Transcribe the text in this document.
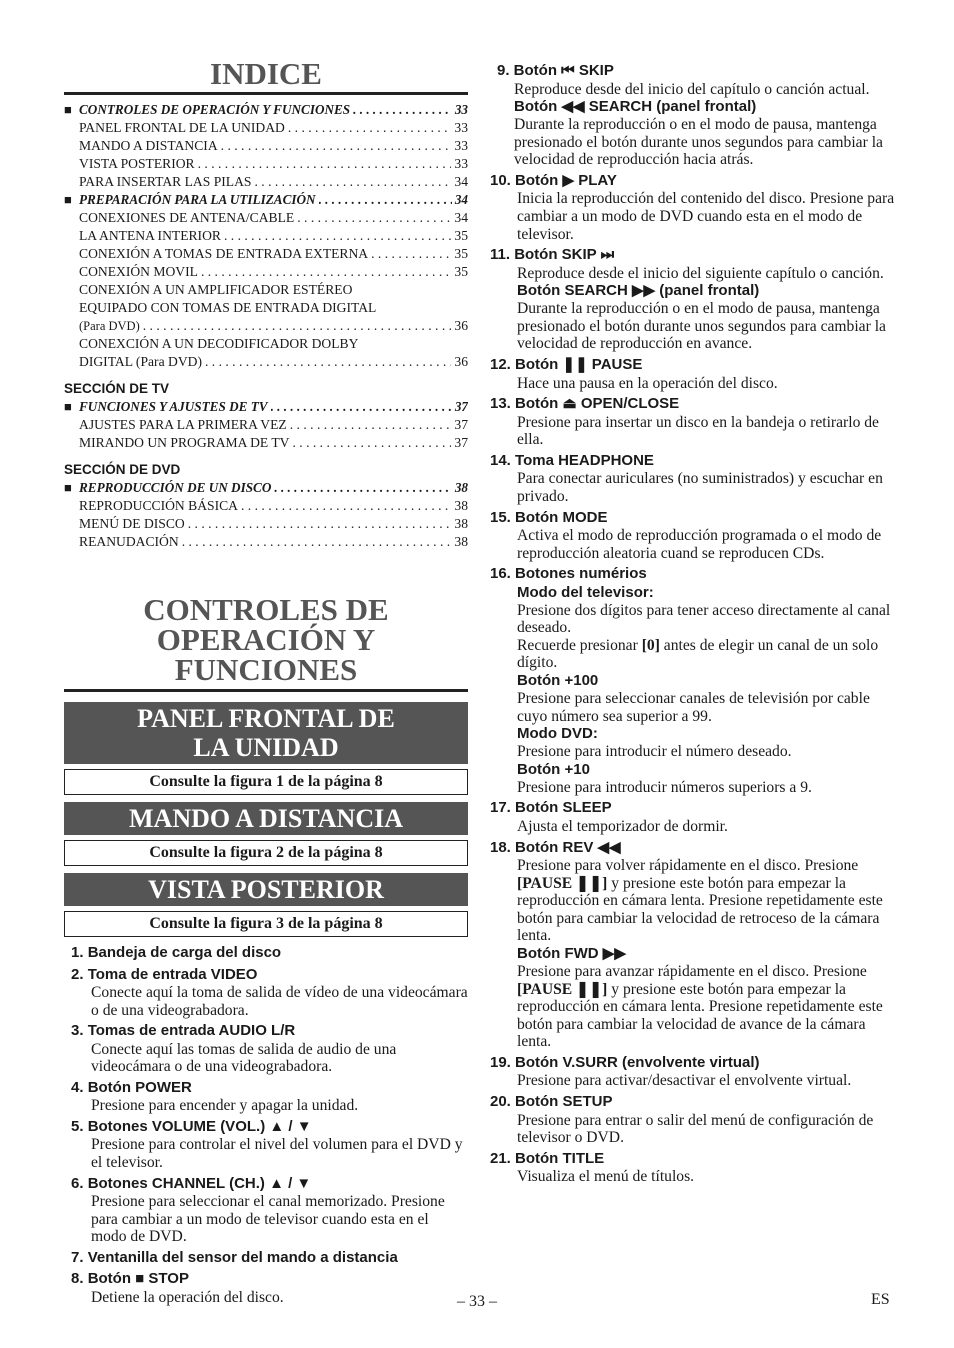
INDICE
■ CONTROLES DE OPERACIÓN Y FUNCIONES . . .	33
PANEL FRONTAL DE LA UNIDAD . . .	33
MANDO A DISTANCIA . . .	33
VISTA POSTERIOR . . .	33
PARA INSERTAR LAS PILAS . . .	34
■ PREPARACIÓN PARA LA UTILIZACIÓN . . .	34
CONEXIONES DE ANTENA/CABLE . . .	34
LA ANTENA INTERIOR . . .	35
CONEXIÓN A TOMAS DE ENTRADA EXTERNA . . .	35
CONEXIÓN MOVIL . . .	35
CONEXIÓN A UN AMPLIFICADOR ESTÉREO
EQUIPADO CON TOMAS DE ENTRADA DIGITAL
(Para DVD) . . .	36
CONEXCIÓN A UN DECODIFICADOR DOLBY
DIGITAL (Para DVD) . . .	36
SECCIÓN DE TV
■ FUNCIONES Y AJUSTES DE TV . . .	37
AJUSTES PARA LA PRIMERA VEZ . . .	37
MIRANDO UN PROGRAMA DE TV . . .	37
SECCIÓN DE DVD
■ REPRODUCCIÓN DE UN DISCO . . .	38
REPRODUCCIÓN BÁSICA . . .	38
MENÚ DE DISCO . . .	38
REANUDACIÓN . . .	38
CONTROLES DE
OPERACIÓN Y FUNCIONES
PANEL FRONTAL DE
LA UNIDAD
Consulte la figura 1 de la página 8
MANDO A DISTANCIA
Consulte la figura 2 de la página 8
VISTA POSTERIOR
Consulte la figura 3 de la página 8
1. Bandeja de carga del disco
2. Toma de entrada VIDEO
Conecte aquí la toma de salida de vídeo de una videocámara o de una videograbadora.
3. Tomas de entrada AUDIO L/R
Conecte aquí las tomas de salida de audio de una videocámara o de una videograbadora.
4. Botón POWER
Presione para encender y apagar la unidad.
5. Botones VOLUME (VOL.) ▲ / ▼
Presione para controlar el nivel del volumen para el DVD y el televisor.
6. Botones CHANNEL (CH.) ▲ / ▼
Presione para seleccionar el canal memorizado. Presione para cambiar a un modo de televisor cuando esta en el modo de DVD.
7. Ventanilla del sensor del mando a distancia
8. Botón ■ STOP
Detiene la operación del disco.
9. Botón ⏮ SKIP
Reproduce desde del inicio del capítulo o canción actual.
Botón ◀◀ SEARCH (panel frontal)
Durante la reproducción o en el modo de pausa, mantenga presionado el botón durante unos segundos para cambiar la velocidad de reproducción hacia atrás.
10. Botón ▶ PLAY
Inicia la reproducción del contenido del disco. Presione para cambiar a un modo de DVD cuando esta en el modo de televisor.
11. Botón SKIP ⏭
Reproduce desde el inicio del siguiente capítulo o canción.
Botón SEARCH ▶▶ (panel frontal)
Durante la reproducción o en el modo de pausa, mantenga presionado el botón durante unos segundos para cambiar la velocidad de reproducción en avance.
12. Botón ❚❚ PAUSE
Hace una pausa en la operación del disco.
13. Botón ⏏ OPEN/CLOSE
Presione para insertar un disco en la bandeja o retirarlo de ella.
14. Toma HEADPHONE
Para conectar auriculares (no suministrados) y escuchar en privado.
15. Botón MODE
Activa el modo de reproducción programada o el modo de reproducción aleatoria cuand se reproducen CDs.
16. Botones numérios
Modo del televisor:
Presione dos dígitos para tener acceso directamente al canal deseado.
Recuerde presionar [0] antes de elegir un canal de un solo dígito.
Botón +100
Presione para seleccionar canales de televisión por cable cuyo número sea superior a 99.
Modo DVD:
Presione para introducir el número deseado.
Botón +10
Presione para introducir números superiors a 9.
17. Botón SLEEP
Ajusta el temporizador de dormir.
18. Botón REV ◀◀
Presione para volver rápidamente en el disco. Presione [PAUSE ❚❚] y presione este botón para empezar la reproducción en cámara lenta. Presione repetidamente este botón para cambiar la velocidad de retroceso de la cámara lenta.
Botón FWD ▶▶
Presione para avanzar rápidamente en el disco. Presione [PAUSE ❚❚] y presione este botón para empezar la reproducción en cámara lenta. Presione repetidamente este botón para cambiar la velocidad de avance de la cámara lenta.
19. Botón V.SURR (envolvente virtual)
Presione para activar/desactivar el envolvente virtual.
20. Botón SETUP
Presione para entrar o salir del menú de configuración de televisor o DVD.
21. Botón TITLE
Visualiza el menú de títulos.
– 33 –	ES
